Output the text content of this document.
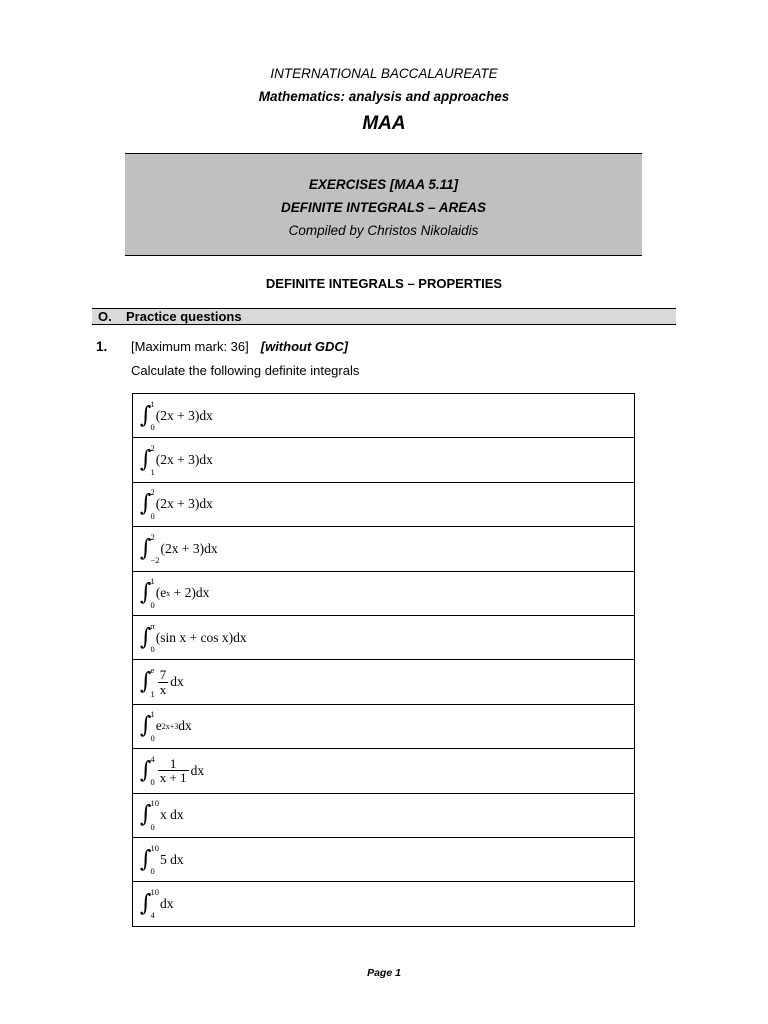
INTERNATIONAL BACCALAUREATE
Mathematics: analysis and approaches
MAA
EXERCISES [MAA 5.11]
DEFINITE INTEGRALS – AREAS
Compiled by Christos Nikolaidis
DEFINITE INTEGRALS – PROPERTIES
O. Practice questions
1. [Maximum mark: 36] [without GDC]
Calculate the following definite integrals
∫ 1
0
(2x + 3)dx

∫ 2
1
(2x + 3)dx

∫ 2
0
(2x + 3)dx

∫ 2
−2
(2x + 3)dx

∫ 1
0
(e x + 2)dx

∫ π
0
(sin x + cos x)dx

∫ e
$1 \frac{7}{x}$ dx

∫ 1
0
e 2x+3 dx

∫ 4
$0 \frac{1}{x + 1}$ dx

∫ 10
0
x dx

∫ 10
0
5 dx

∫ 10
4
dx
Page 1
